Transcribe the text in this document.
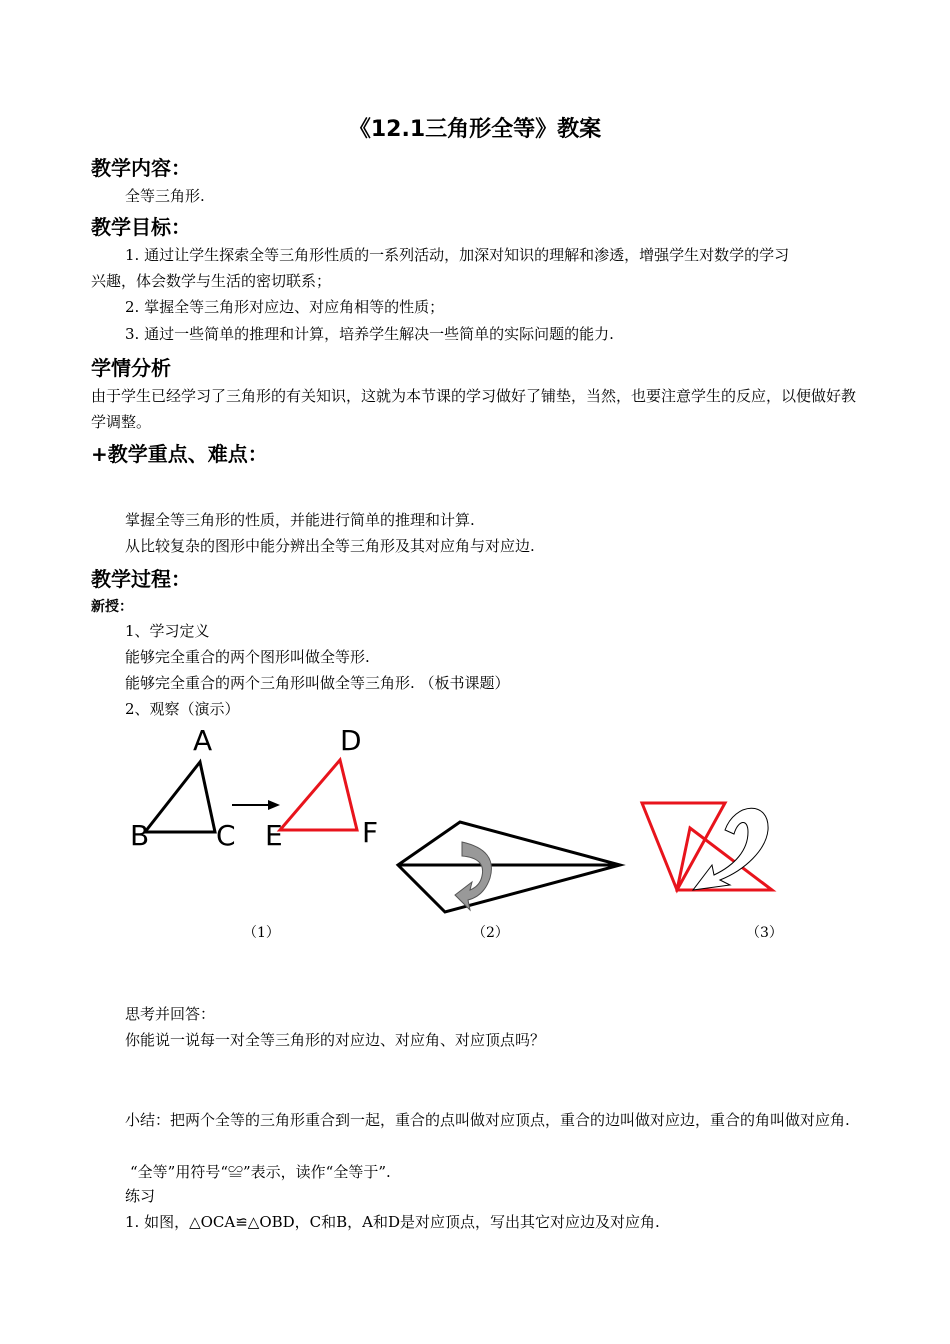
《12.1三角形全等》教案
教学内容：
全等三角形.
教学目标：
1. 通过让学生探索全等三角形性质的一系列活动，加深对知识的理解和渗透，增强学生对数学的学习
兴趣，体会数学与生活的密切联系；
2. 掌握全等三角形对应边、对应角相等的性质；
3. 通过一些简单的推理和计算，培养学生解决一些简单的实际问题的能力.
学情分析
由于学生已经学习了三角形的有关知识，这就为本节课的学习做好了铺垫，当然，也要注意学生的反应，以便做好教学调整。
+教学重点、难点：
掌握全等三角形的性质，并能进行简单的推理和计算.
从比较复杂的图形中能分辨出全等三角形及其对应角与对应边.
教学过程：
新授：
1、学习定义
能够完全重合的两个图形叫做全等形.
能够完全重合的两个三角形叫做全等三角形. （板书课题）
2、观察（演示）
A
B C
D
E	F
（1）	（2）	（3）
思考并回答：
你能说一说每一对全等三角形的对应边、对应角、对应顶点吗？
小结：把两个全等的三角形重合到一起，重合的点叫做对应顶点，重合的边叫做对应边，重合的角叫做对应角.
“全等”用符号“≌”表示，读作“全等于”.
练习
1. 如图，△OCA≌△OBD，C和B，A和D是对应顶点，写出其它对应边及对应角.
